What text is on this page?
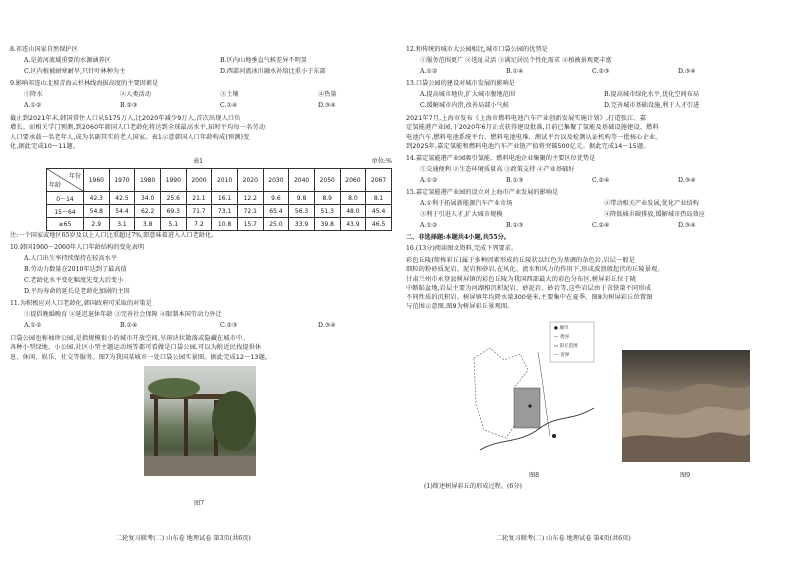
8.祁连山国家自然保护区
A.是黄河流域重要的水源涵养区	B.区内山地垂直气候差异不明显
C.区内植被耐寒耐旱,只针叶林种为主	D.西部河流冰川融水补给比重小于东部
9.影响祁连山北坡青海云杉林线海拔高度的主要因素是
①降水	②人类活动	③土壤	④热量
A.①②	B.②③	C.①④	D.③④
截止到2021年末,韩国常住人口从5175万人,比2020年减少9万人,首次出现人口负
增长。而相关学门预测,到2060年韩国人口老龄化将达到全球最高水平,届时平均每一名劳动
人口要承载一名老年人,成为名副其实的老人国家。表1示意韩国人口年龄构成(预测)变
化,据此完成10～11题。
表1	单位:%
年份
年龄	1960	1970	1980	1990	2000	2010	2020	2030	2040	2050	2060	2067
0～14	42.3	42.5	34.0	25.6	21.1	16.1	12.2	9.6	9.8	8.9	8.0	8.1
15～64	54.8	54.4	62.2	69.3	71.7	73.1	72.1	65.4	56.3	51.3	48.0	45.4
≥65	2.9	3.1	3.8	5.1	7.2	10.8	15.7	25.0	33.9	39.8	43.9	46.5
注:一个国家或地区65岁及以上人口比重超过7%,即意味着进入人口老龄化。
10.韩国1960～2060年人口年龄结构的变化表明
A.人口出生率持续保持在较高水平
B.劳动力数量在2010年达到了最高值
C.老龄化水平变化幅度先变大后变小
D.平均寿命的延长是老龄化加剧的主因
11.为积极应对人口老龄化,韩国政府可采取的对策是
①提倡晚婚晚育 ②延迟退休年龄 ③完善社会保障 ④限制本国劳动力外迁
A.①②	B.①④	C.②③	D.③④
口袋公园也称袖珍公园,是指规模很小的城市开放空间,呈斑块状散落或隐藏在城市中。
各种小型绿地、小公园,社区小型主题运动场等都可看做是口袋公园,可以为附近民找提供休
息、休闲、娱乐、社交等服务。图7为我国某城市一处口袋公园实景图。据此完成12～13题。
图7
二轮复习联考(二) 山东卷 地理试卷 第3页(共6页)
12.和传统的城市大公园相比,城市口袋公园的优势是
①服务范围更广 ②选址灵活 ③满足居民个性化需求 ④植被景观更丰富
A.①②	B.①④	C.②③	D.③④
13.口袋公园的建设对城市发展的影响是
A.提高城市地价,扩大城市腹地范围	B.提高城市绿化水平,优化空间布局
C.缓解城市内涝,改善局部小气候	D.完善城市基础设施,利于人才引进
2021年7月,上海市发布《上海市燃料电池汽车产业创新发展实施计划》,打造张江、嘉
定氢能港产业园,于2020年6月正式获得建设批准,目前已集聚了氢能及基础设施建设、燃料
电池汽车,燃料电池系统平台、燃料电池电堆、测试平台以及检测认证机构等一批核心企业。
到2025年,嘉定氢能和燃料电池汽车产业链产值将突破500亿元。据此完成14～15题。
14.嘉定氢能港产业园吸引氢能、燃料电池企业集聚的主要区位优势是
①交通便利 ②生态环境质量高 ③政策支持 ④产业基础好
A.①②	B.①③	C.②④	D.③④
15.嘉定氢能港产业园的设立对上海市产业发展的影响是
A.①利于拓展新能源汽车产业市场	②带动相关产业发展,优化产业结构
③利于引进人才,扩大城市规模	④降低城市碳排放,缓解城市热岛效应
A.①②	B.①③	C.②④	D.③④
二、非选择题:本题共4小题,共55分。
16.(13分)阅读图文资料,完成下列要求。
彩色丘陵(简称彩丘)属于多种因素形成的丘陵状以红色为基调的杂色岩,岩层一般是
细粒的粉砂质泥岩、泥岩和砂岩,在风化、流水和风力的作用下,形成波浪般起伏的丘陵景观。
甘肃兰州市永登县树屏镇的彩色丘陵为我国西部最大的彩色分布区,树屏彩丘位于陇
中断陷盆地,岩层主要为河湖相沉积泥岩、砂泥岩、砂岩等,这些岩层由于含铁量不同形成
不同性质的沉积岩。树屏镇年均降水量300毫米,主要集中在夏季。图8为树屏彩丘位置图
与范围示意图,图9为树屏彩丘景观图。
● 城市
— 黄河
▭ 彩丘范围
--- 省界
图8	图9
(1)简述树屏彩丘的形成过程。(6分)
二轮复习联考(二) 山东卷 地理试卷 第4页(共6页)
